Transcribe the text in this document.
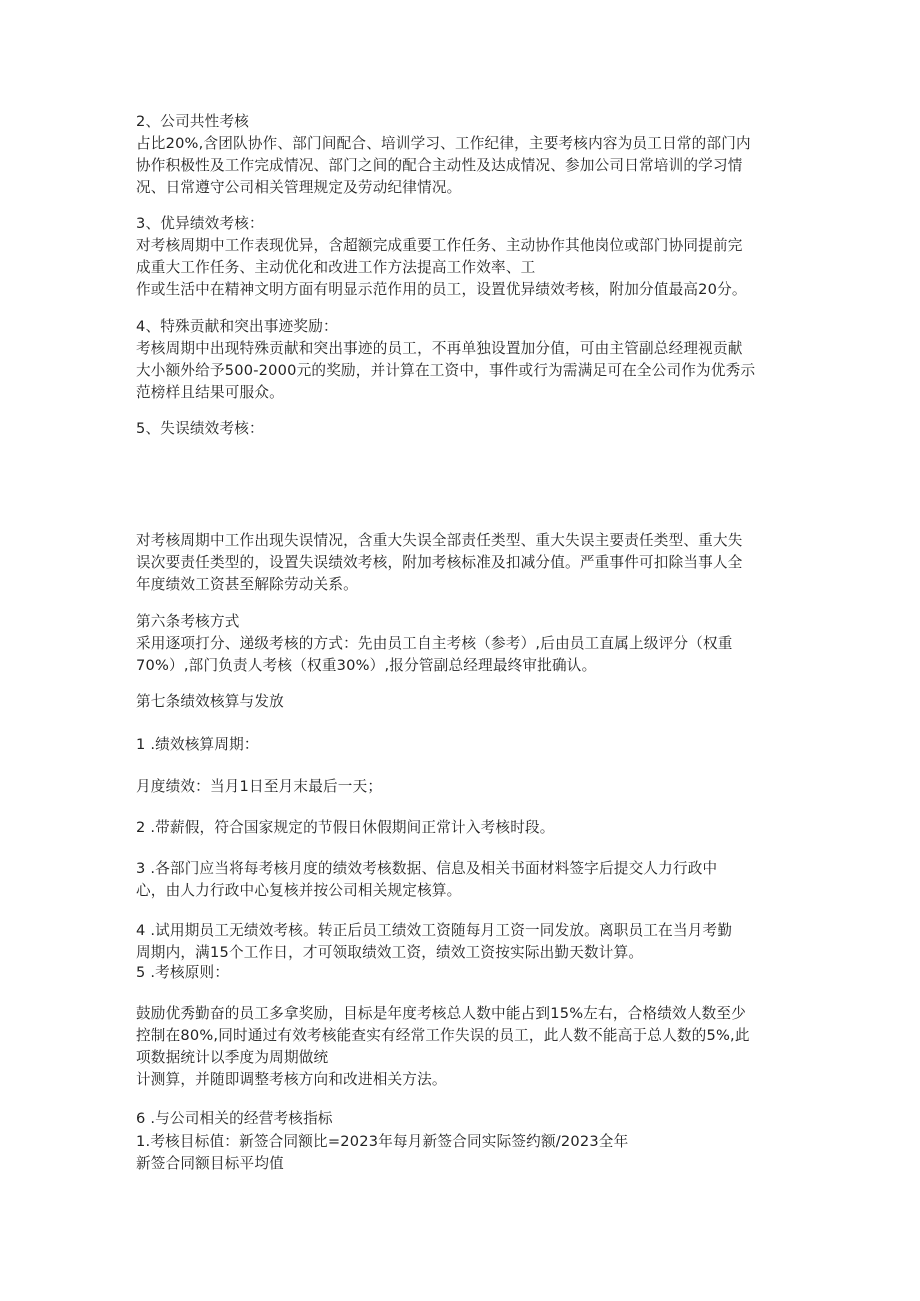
2、公司共性考核
占比20%,含团队协作、部门间配合、培训学习、工作纪律，主要考核内容为员工日常的部门内
协作积极性及工作完成情况、部门之间的配合主动性及达成情况、参加公司日常培训的学习情
况、日常遵守公司相关管理规定及劳动纪律情况。
3、优异绩效考核：
对考核周期中工作表现优异，含超额完成重要工作任务、主动协作其他岗位或部门协同提前完
成重大工作任务、主动优化和改进工作方法提高工作效率、工
作或生活中在精神文明方面有明显示范作用的员工，设置优异绩效考核，附加分值最高20分。
4、特殊贡献和突出事迹奖励：
考核周期中出现特殊贡献和突出事迹的员工，不再单独设置加分值，可由主管副总经理视贡献
大小额外给予500-2000元的奖励，并计算在工资中，事件或行为需满足可在全公司作为优秀示
范榜样且结果可服众。
5、失误绩效考核：
对考核周期中工作出现失误情况，含重大失误全部责任类型、重大失误主要责任类型、重大失
误次要责任类型的，设置失误绩效考核，附加考核标准及扣减分值。严重事件可扣除当事人全
年度绩效工资甚至解除劳动关系。
第六条考核方式
采用逐项打分、递级考核的方式：先由员工自主考核（参考）,后由员工直属上级评分（权重
70%）,部门负责人考核（权重30%）,报分管副总经理最终审批确认。
第七条绩效核算与发放
1 .绩效核算周期：
月度绩效：当月1日至月末最后一天；
2 .带薪假，符合国家规定的节假日休假期间正常计入考核时段。
3 .各部门应当将每考核月度的绩效考核数据、信息及相关书面材料签字后提交人力行政中
心，由人力行政中心复核并按公司相关规定核算。
4 .试用期员工无绩效考核。转正后员工绩效工资随每月工资一同发放。离职员工在当月考勤
周期内，满15个工作日，才可领取绩效工资，绩效工资按实际出勤天数计算。
5 .考核原则：
鼓励优秀勤奋的员工多拿奖励，目标是年度考核总人数中能占到15%左右，合格绩效人数至少
控制在80%,同时通过有效考核能查实有经常工作失误的员工，此人数不能高于总人数的5%,此
项数据统计以季度为周期做统
计测算，并随即调整考核方向和改进相关方法。
6 .与公司相关的经营考核指标
1.考核目标值：新签合同额比=2023年每月新签合同实际签约额/2023全年
新签合同额目标平均值
